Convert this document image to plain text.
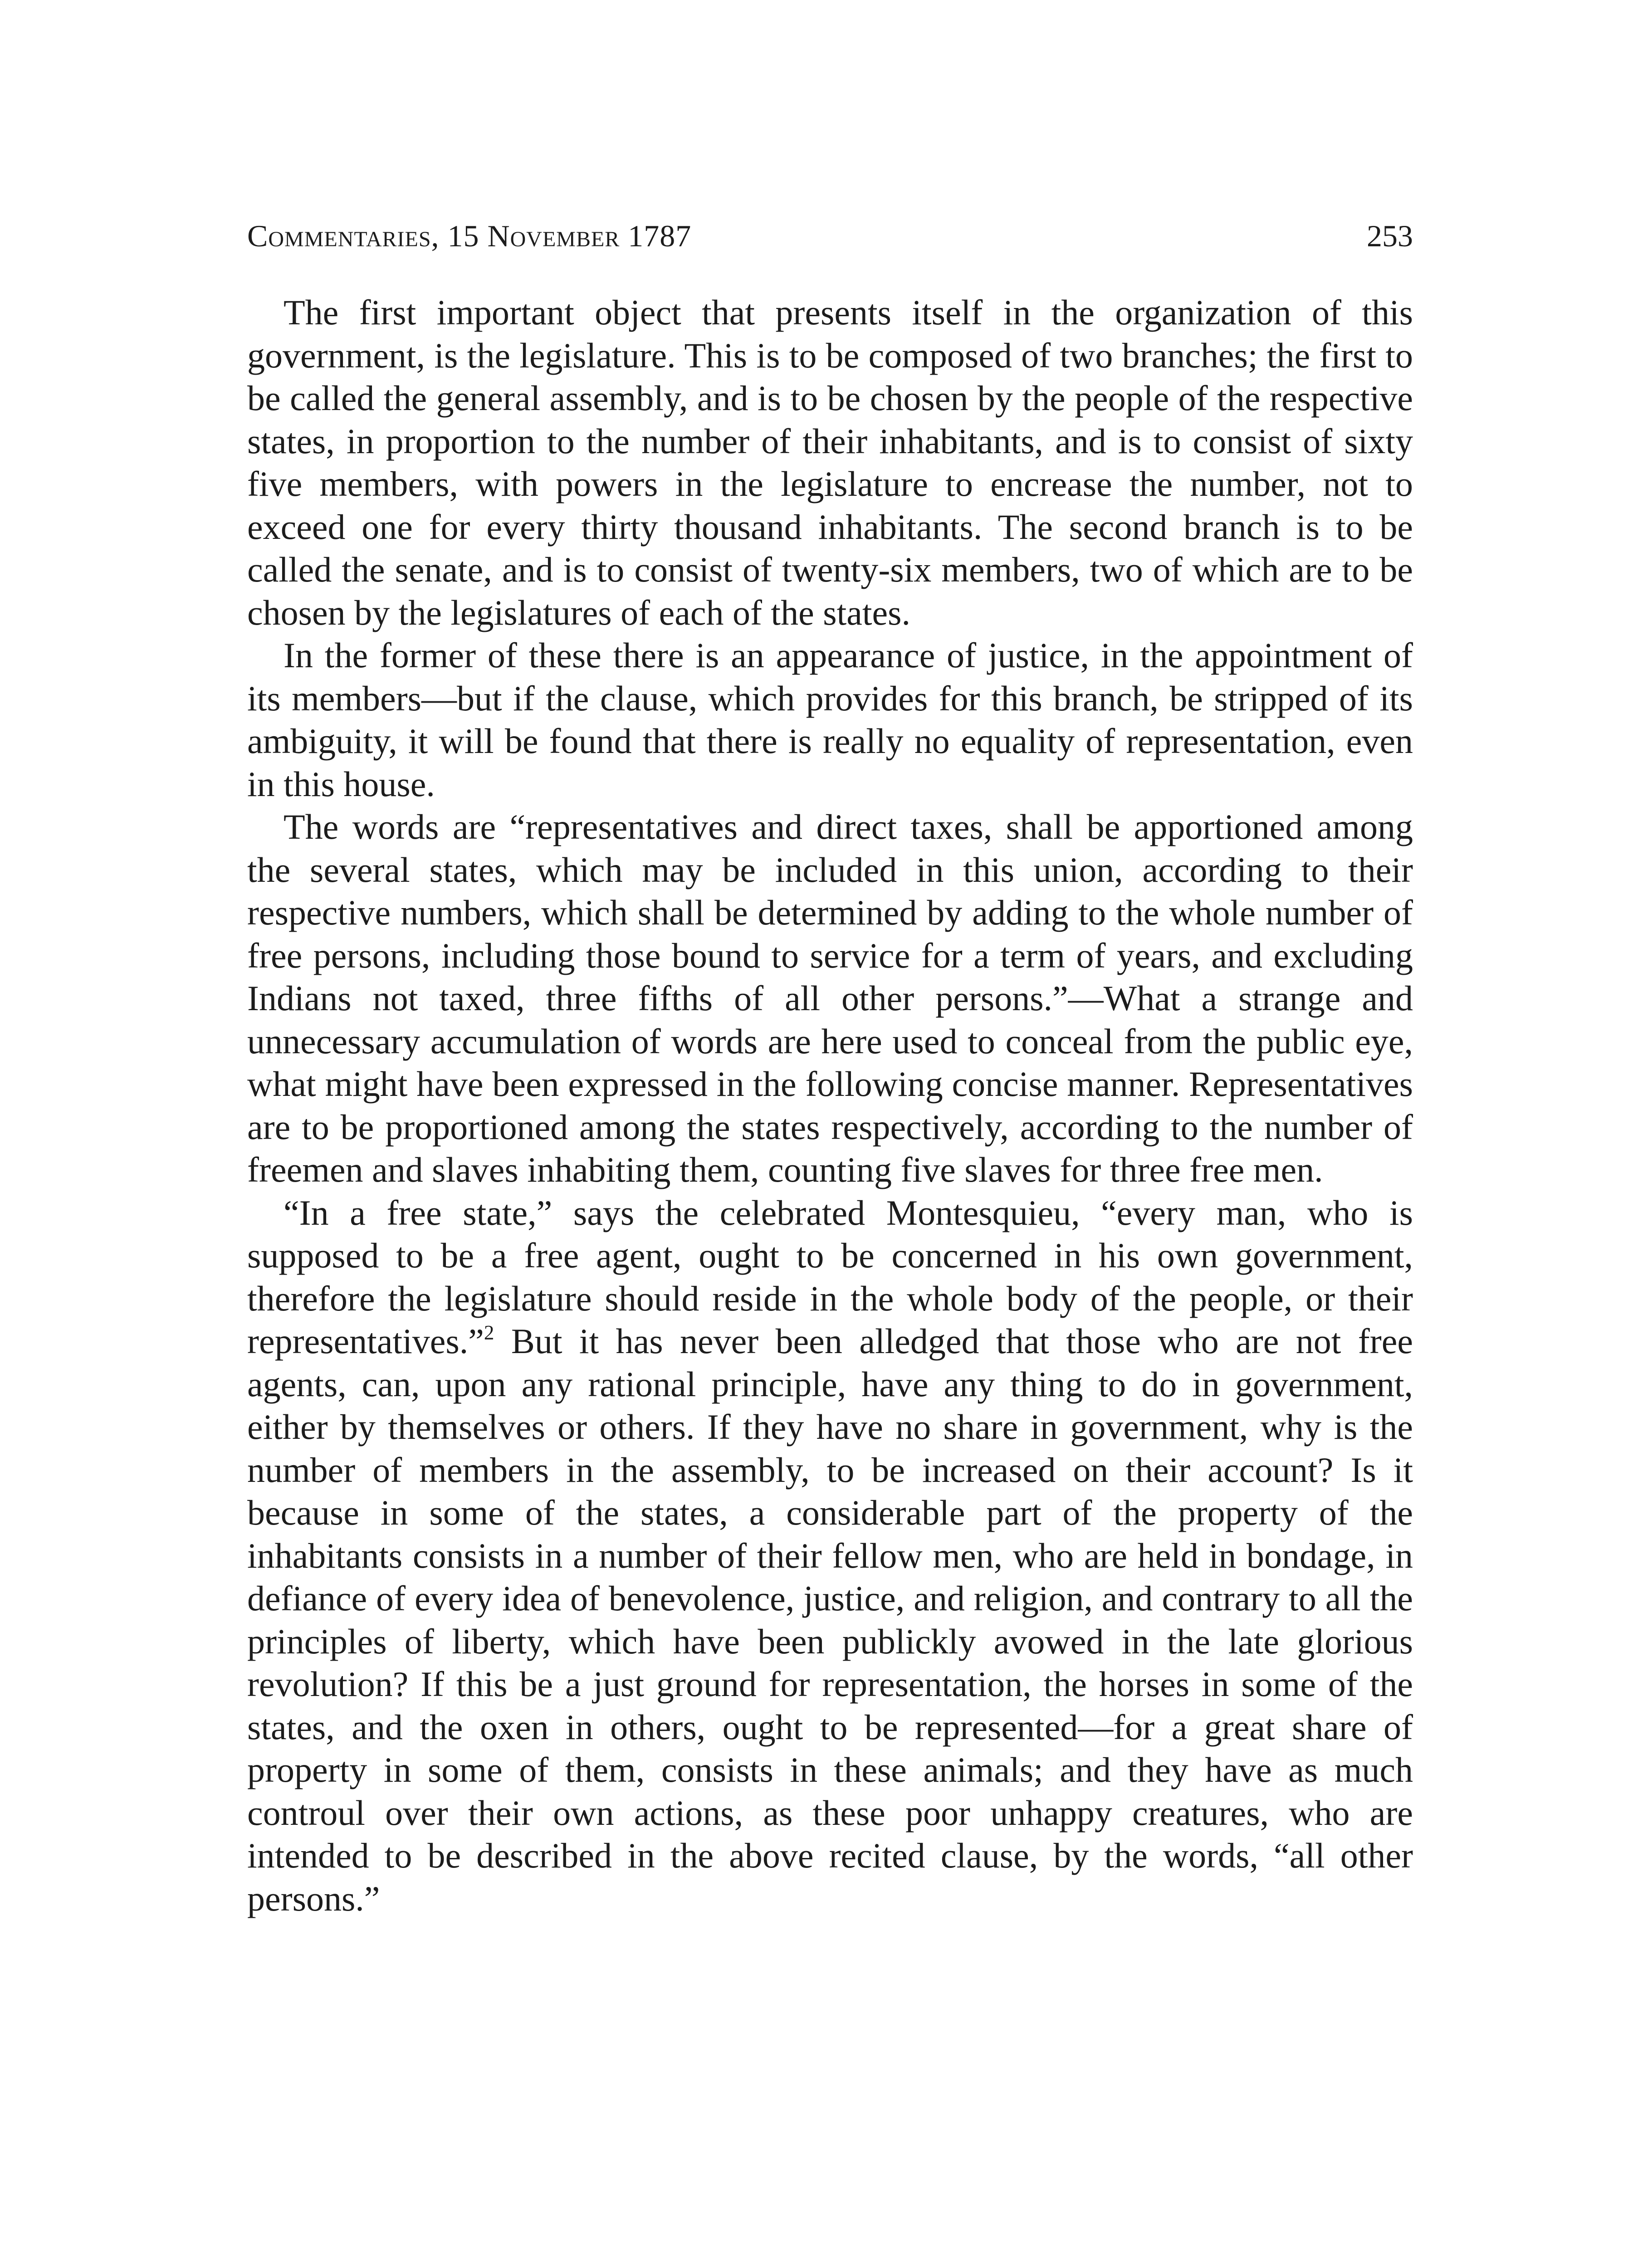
Commentaries, 15 November 1787	253

The first important object that presents itself in the organization of this government, is the legislature. This is to be composed of two branches; the first to be called the general assembly, and is to be chosen by the people of the respective states, in proportion to the number of their inhabitants, and is to consist of sixty five members, with powers in the legislature to encrease the number, not to exceed one for every thirty thousand inhabitants. The second branch is to be called the senate, and is to consist of twenty-six members, two of which are to be chosen by the legislatures of each of the states.

In the former of these there is an appearance of justice, in the appointment of its members—but if the clause, which provides for this branch, be stripped of its ambiguity, it will be found that there is really no equality of representation, even in this house.

The words are “representatives and direct taxes, shall be apportioned among the several states, which may be included in this union, according to their respective numbers, which shall be determined by adding to the whole number of free persons, including those bound to service for a term of years, and excluding Indians not taxed, three fifths of all other persons.”—What a strange and unnecessary accumulation of words are here used to conceal from the public eye, what might have been expressed in the following concise manner. Representatives are to be proportioned among the states respectively, according to the number of freemen and slaves inhabiting them, counting five slaves for three free men.

“In a free state,” says the celebrated Montesquieu, “every man, who is supposed to be a free agent, ought to be concerned in his own government, therefore the legislature should reside in the whole body of the people, or their representatives.”$^2$ But it has never been alledged that those who are not free agents, can, upon any rational principle, have any thing to do in government, either by themselves or others. If they have no share in government, why is the number of members in the assembly, to be increased on their account? Is it because in some of the states, a considerable part of the property of the inhabitants consists in a number of their fellow men, who are held in bondage, in defiance of every idea of benevolence, justice, and religion, and contrary to all the principles of liberty, which have been publickly avowed in the late glorious revolution? If this be a just ground for representation, the horses in some of the states, and the oxen in others, ought to be represented—for a great share of property in some of them, consists in these animals; and they have as much controul over their own actions, as these poor unhappy creatures, who are intended to be described in the above recited clause, by the words, “all other persons.”
